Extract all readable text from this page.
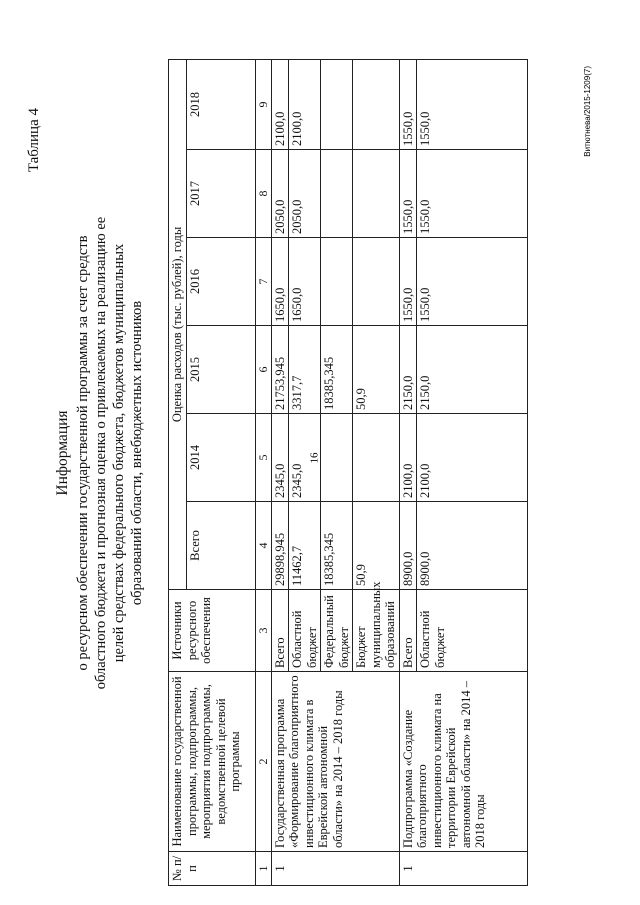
16
Таблица 4
Информация о ресурсном обеспечении государственной программы за счет средств областного бюджета и прогнозная оценка о привлекаемых на реализацию ее целей средствах федерального бюджета, бюджетов муниципальных образований области, внебюджетных источников
№ п/п	Наименование государственной программы, подпрограммы, мероприятия подпрограммы, ведомственной целевой программы	Источники ресурсного обеспечения	Оценка расходов (тыс. рублей), годы					
			Всего	2014	2015	2016	2017	2018
1	2	3	4	5	6	7	8	9
1	Государственная программа «Формирование благоприятного инвестиционного климата в Еврейской автономной области» на 2014 – 2018 годы	Всего	29898,945	2345,0	21753,945	1650,0	2050,0	2100,0
		Областной бюджет	11462,7	2345,0	3317,7	1650,0	2050,0	2100,0
		Федеральный бюджет	18385,345		18385,345			
		Бюджет муниципальных образований	50,9		50,9			
1	Подпрограмма «Создание благоприятного инвестиционного климата на территории Еврейской автономной области» на 2014 – 2018 годы	Всего	8900,0	2100,0	2150,0	1550,0	1550,0	1550,0
		Областной бюджет	8900,0	2100,0	2150,0	1550,0	1550,0	1550,0	Витютнева/2015-1209(7)
